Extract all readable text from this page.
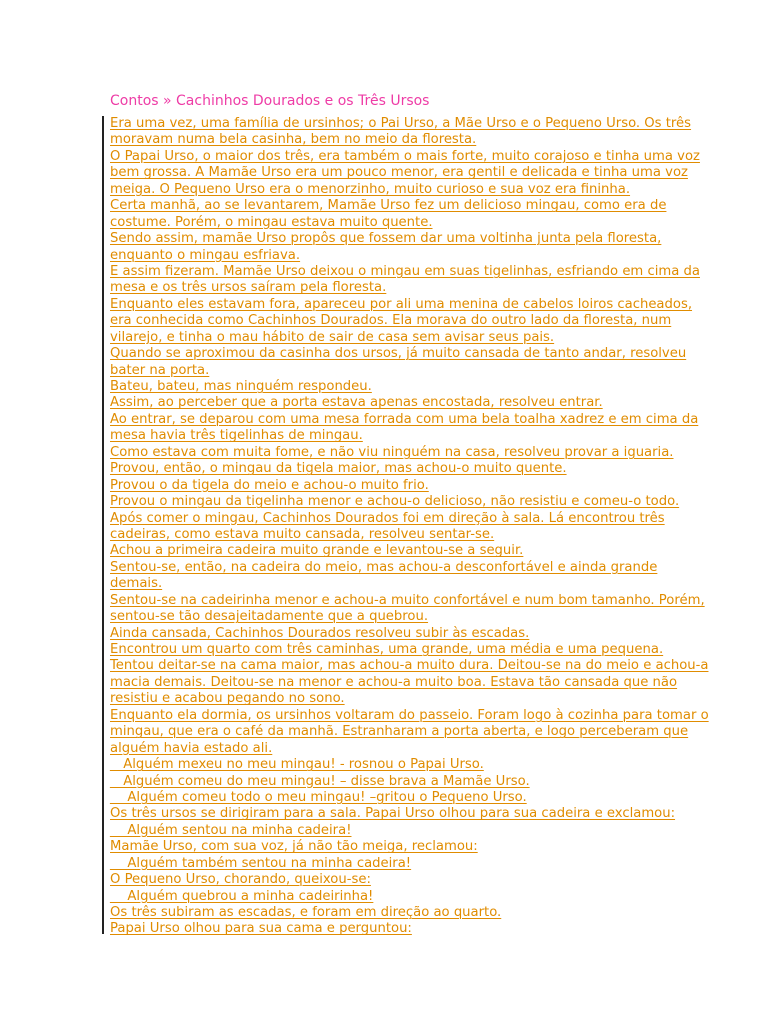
Contos » Cachinhos Dourados e os Três Ursos
Era uma vez, uma família de ursinhos; o Pai Urso, a Mãe Urso e o Pequeno Urso. Os três
moravam numa bela casinha, bem no meio da floresta.
O Papai Urso, o maior dos três, era também o mais forte, muito corajoso e tinha uma voz
bem grossa. A Mamãe Urso era um pouco menor, era gentil e delicada e tinha uma voz
meiga. O Pequeno Urso era o menorzinho, muito curioso e sua voz era fininha.
Certa manhã, ao se levantarem, Mamãe Urso fez um delicioso mingau, como era de
costume. Porém, o mingau estava muito quente.
Sendo assim, mamãe Urso propôs que fossem dar uma voltinha junta pela floresta,
enquanto o mingau esfriava.
E assim fizeram. Mamãe Urso deixou o mingau em suas tigelinhas, esfriando em cima da
mesa e os três ursos saíram pela floresta.
Enquanto eles estavam fora, apareceu por ali uma menina de cabelos loiros cacheados,
era conhecida como Cachinhos Dourados. Ela morava do outro lado da floresta, num
vilarejo, e tinha o mau hábito de sair de casa sem avisar seus pais.
Quando se aproximou da casinha dos ursos, já muito cansada de tanto andar, resolveu
bater na porta.
Bateu, bateu, mas ninguém respondeu.
Assim, ao perceber que a porta estava apenas encostada, resolveu entrar.
Ao entrar, se deparou com uma mesa forrada com uma bela toalha xadrez e em cima da
mesa havia três tigelinhas de mingau.
Como estava com muita fome, e não viu ninguém na casa, resolveu provar a iguaria.
Provou, então, o mingau da tigela maior, mas achou-o muito quente.
Provou o da tigela do meio e achou-o muito frio.
Provou o mingau da tigelinha menor e achou-o delicioso, não resistiu e comeu-o todo.
Após comer o mingau, Cachinhos Dourados foi em direção à sala. Lá encontrou três
cadeiras, como estava muito cansada, resolveu sentar-se.
Achou a primeira cadeira muito grande e levantou-se a seguir.
Sentou-se, então, na cadeira do meio, mas achou-a desconfortável e ainda grande
demais.
Sentou-se na cadeirinha menor e achou-a muito confortável e num bom tamanho. Porém,
sentou-se tão desajeitadamente que a quebrou.
Ainda cansada, Cachinhos Dourados resolveu subir às escadas.
Encontrou um quarto com três caminhas, uma grande, uma média e uma pequena.
Tentou deitar-se na cama maior, mas achou-a muito dura. Deitou-se na do meio e achou-a
macia demais. Deitou-se na menor e achou-a muito boa. Estava tão cansada que não
resistiu e acabou pegando no sono.
Enquanto ela dormia, os ursinhos voltaram do passeio. Foram logo à cozinha para tomar o
mingau, que era o café da manhã. Estranharam a porta aberta, e logo perceberam que
alguém havia estado ali.
__Alguém mexeu no meu mingau! - rosnou o Papai Urso.
__Alguém comeu do meu mingau! – disse brava a Mamãe Urso.
__ Alguém comeu todo o meu mingau! –gritou o Pequeno Urso.
Os três ursos se dirigiram para a sala. Papai Urso olhou para sua cadeira e exclamou:
__ Alguém sentou na minha cadeira!
Mamãe Urso, com sua voz, já não tão meiga, reclamou:
__ Alguém também sentou na minha cadeira!
O Pequeno Urso, chorando, queixou-se:
__ Alguém quebrou a minha cadeirinha!
Os três subiram as escadas, e foram em direção ao quarto.
Papai Urso olhou para sua cama e perguntou:
